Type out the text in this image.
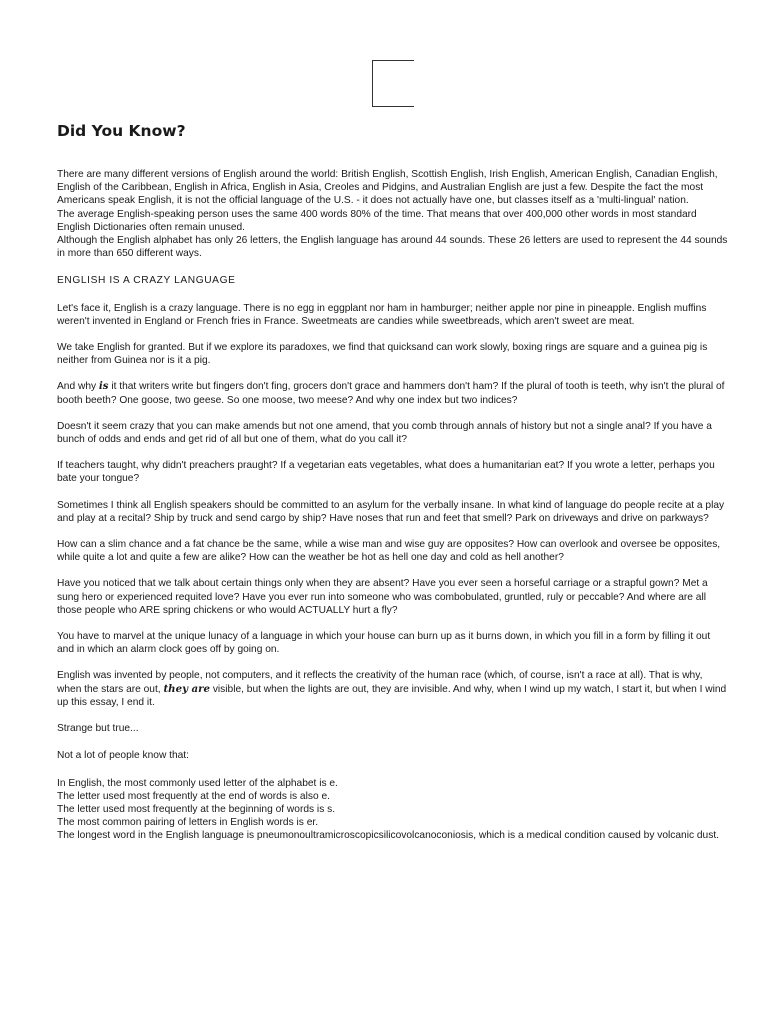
Did You Know?

There are many different versions of English around the world: British English, Scottish English, Irish English, American English, Canadian English, English of the Caribbean, English in Africa, English in Asia, Creoles and Pidgins, and Australian English are just a few. Despite the fact the most Americans speak English, it is not the official language of the U.S. - it does not actually have one, but classes itself as a 'multi-lingual' nation.

The average English-speaking person uses the same 400 words 80% of the time. That means that over 400,000 other words in most standard English Dictionaries often remain unused.

Although the English alphabet has only 26 letters, the English language has around 44 sounds. These 26 letters are used to represent the 44 sounds in more than 650 different ways.

ENGLISH IS A CRAZY LANGUAGE

Let's face it, English is a crazy language. There is no egg in eggplant nor ham in hamburger; neither apple nor pine in pineapple. English muffins weren't invented in England or French fries in France. Sweetmeats are candies while sweetbreads, which aren't sweet are meat.

We take English for granted. But if we explore its paradoxes, we find that quicksand can work slowly, boxing rings are square and a guinea pig is neither from Guinea nor is it a pig.

And why is it that writers write but fingers don't fing, grocers don't grace and hammers don't ham? If the plural of tooth is teeth, why isn't the plural of booth beeth? One goose, two geese. So one moose, two meese? And why one index but two indices?

Doesn't it seem crazy that you can make amends but not one amend, that you comb through annals of history but not a single anal? If you have a bunch of odds and ends and get rid of all but one of them, what do you call it?

If teachers taught, why didn't preachers praught? If a vegetarian eats vegetables, what does a humanitarian eat? If you wrote a letter, perhaps you bate your tongue?

Sometimes I think all English speakers should be committed to an asylum for the verbally insane. In what kind of language do people recite at a play and play at a recital? Ship by truck and send cargo by ship? Have noses that run and feet that smell? Park on driveways and drive on parkways?

How can a slim chance and a fat chance be the same, while a wise man and wise guy are opposites? How can overlook and oversee be opposites, while quite a lot and quite a few are alike? How can the weather be hot as hell one day and cold as hell another?

Have you noticed that we talk about certain things only when they are absent? Have you ever seen a horseful carriage or a strapful gown? Met a sung hero or experienced requited love? Have you ever run into someone who was combobulated, gruntled, ruly or peccable? And where are all those people who ARE spring chickens or who would ACTUALLY hurt a fly?

You have to marvel at the unique lunacy of a language in which your house can burn up as it burns down, in which you fill in a form by filling it out and in which an alarm clock goes off by going on.

English was invented by people, not computers, and it reflects the creativity of the human race (which, of course, isn't a race at all). That is why, when the stars are out, they are visible, but when the lights are out, they are invisible. And why, when I wind up my watch, I start it, but when I wind up this essay, I end it.

Strange but true...

Not a lot of people know that:

In English, the most commonly used letter of the alphabet is e.

The letter used most frequently at the end of words is also e.

The letter used most frequently at the beginning of words is s.

The most common pairing of letters in English words is er.

The longest word in the English language is pneumonoultramicroscopicsilicovolcanoconiosis, which is a medical condition caused by volcanic dust.
